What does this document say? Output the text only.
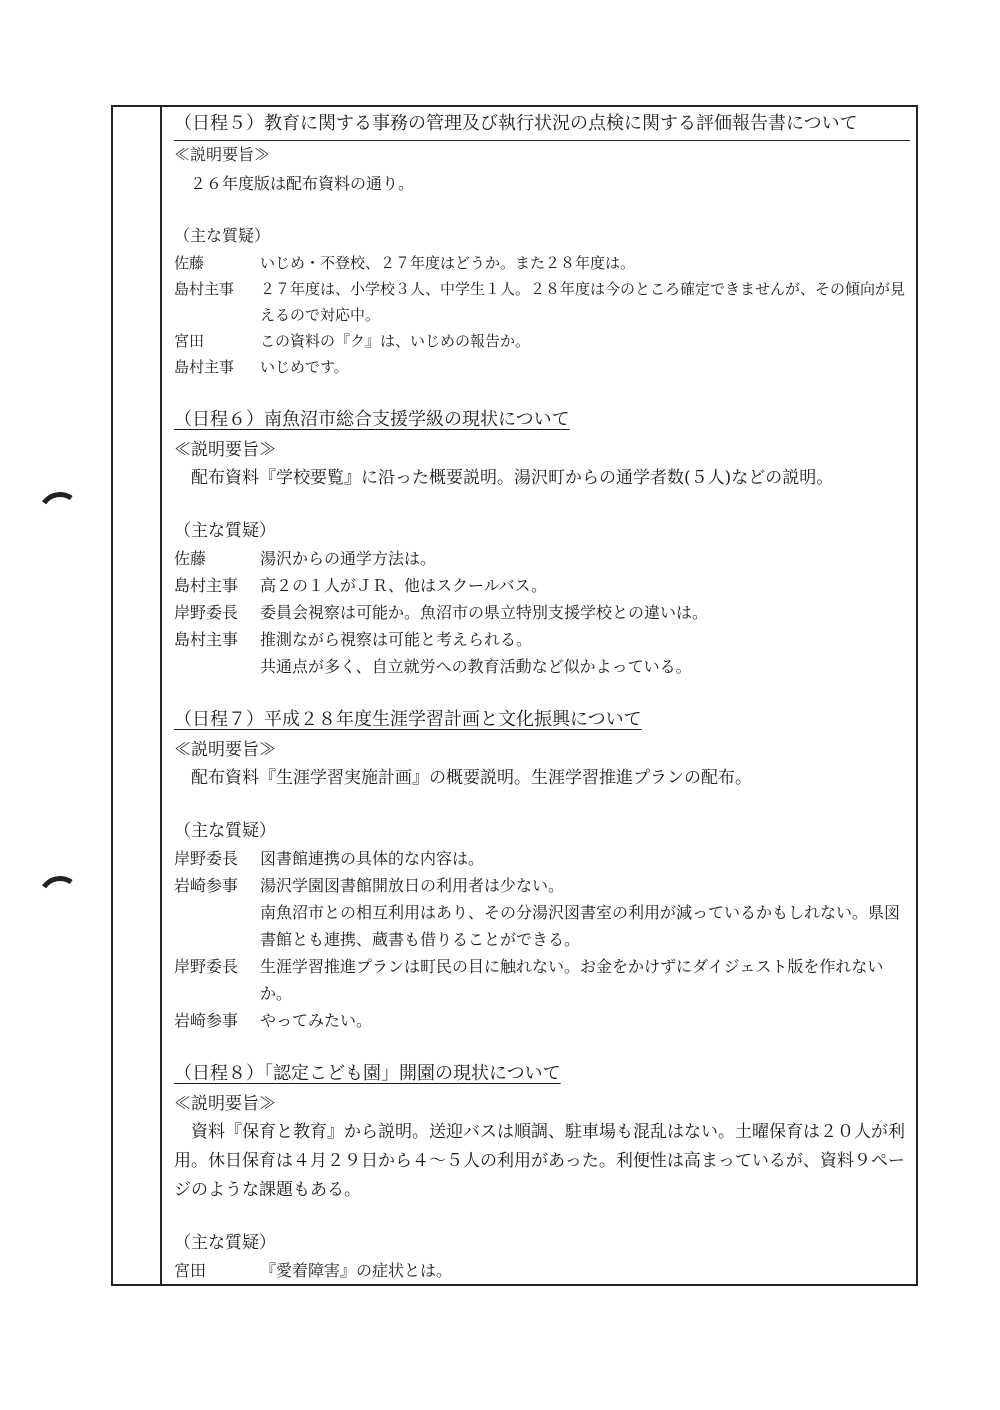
（日程５）教育に関する事務の管理及び執行状況の点検に関する評価報告書について
≪説明要旨≫
２６年度版は配布資料の通り。
（主な質疑）
佐藤	いじめ・不登校、２７年度はどうか。また２８年度は。
島村主事	２７年度は、小学校３人、中学生１人。２８年度は今のところ確定できませんが、その傾向が見えるので対応中。
宮田	この資料の『ク』は、いじめの報告か。
島村主事	いじめです。
（日程６）南魚沼市総合支援学級の現状について
≪説明要旨≫
配布資料『学校要覧』に沿った概要説明。湯沢町からの通学者数(５人)などの説明。
（主な質疑）
佐藤	湯沢からの通学方法は。
島村主事	高２の１人がＪＲ、他はスクールバス。
岸野委長	委員会視察は可能か。魚沼市の県立特別支援学校との違いは。
島村主事	推測ながら視察は可能と考えられる。
共通点が多く、自立就労への教育活動など似かよっている。
（日程７）平成２８年度生涯学習計画と文化振興について
≪説明要旨≫
配布資料『生涯学習実施計画』の概要説明。生涯学習推進プランの配布。
（主な質疑）
岸野委長	図書館連携の具体的な内容は。
岩崎参事	湯沢学園図書館開放日の利用者は少ない。
南魚沼市との相互利用はあり、その分湯沢図書室の利用が減っているかもしれない。県図書館とも連携、蔵書も借りることができる。
岸野委長	生涯学習推進プランは町民の目に触れない。お金をかけずにダイジェスト版を作れないか。
岩崎参事	やってみたい。
（日程８）「認定こども園」開園の現状について
≪説明要旨≫
資料『保育と教育』から説明。送迎バスは順調、駐車場も混乱はない。土曜保育は２０人が利用。休日保育は４月２９日から４～５人の利用があった。利便性は高まっているが、資料９ページのような課題もある。
（主な質疑）
宮田	『愛着障害』の症状とは。
